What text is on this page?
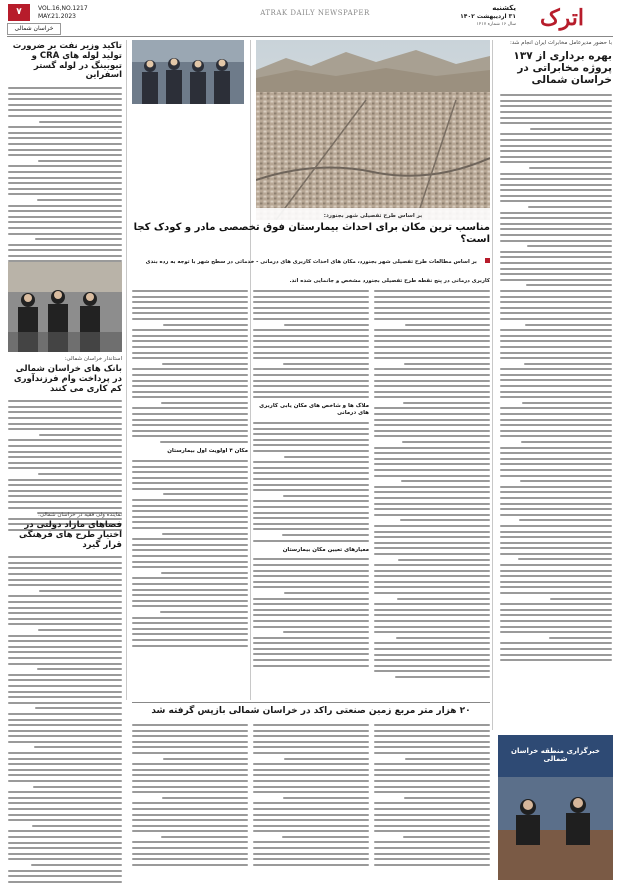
اترک
یکشنبه
۳۱ اردیبهشت ۱۴۰۲
سال ۱۶ شماره ۱۲۱۷
ATRAK DAILY NEWSPAPER
VOL.16,NO.1217
MAY.21.2023
خراسان شمالی
۷
با حضور مدیرعامل مخابرات ایران انجام شد:
بهره برداری از ۱۳۷ پروژه مخابراتی در خراسان شمالی
بر اساس طرح تفصیلی شهر بجنورد:
مناسب ترین مکان برای احداث بیمارستان فوق تخصصی مادر و کودک کجا است؟
بر اساس مطالعات طرح تفصیلی شهر بجنورد، مکان های احداث کاربری های درمانی - خدماتی در سطح شهر با توجه به رده بندی کاربری درمانی در پنج نقطه طرح تفصیلی بجنورد مشخص و جانمایی شده اند.
ملاک ها و شاخص های مکان یابی کاربری های درمانی
معیارهای تعیین مکان بیمارستان
مکان ۴ اولویت اول بیمارستان
تاکید وزیر نفت بر ضرورت تولید لوله های CRA و تیوبینگ در لوله گستر اسفراین
استاندار خراسان شمالی:
بانک های خراسان شمالی در پرداخت وام فرزندآوری کم کاری می کنند
نماینده ولی فقیه در خراسان شمالی:
فضاهای مازاد دولتی در اختیار طرح های فرهنگی قرار گیرد
۲۰ هزار متر مربع زمین صنعتی راکد در خراسان شمالی بازپس گرفته شد
خبرگزاری منطقه خراسان شمالی
